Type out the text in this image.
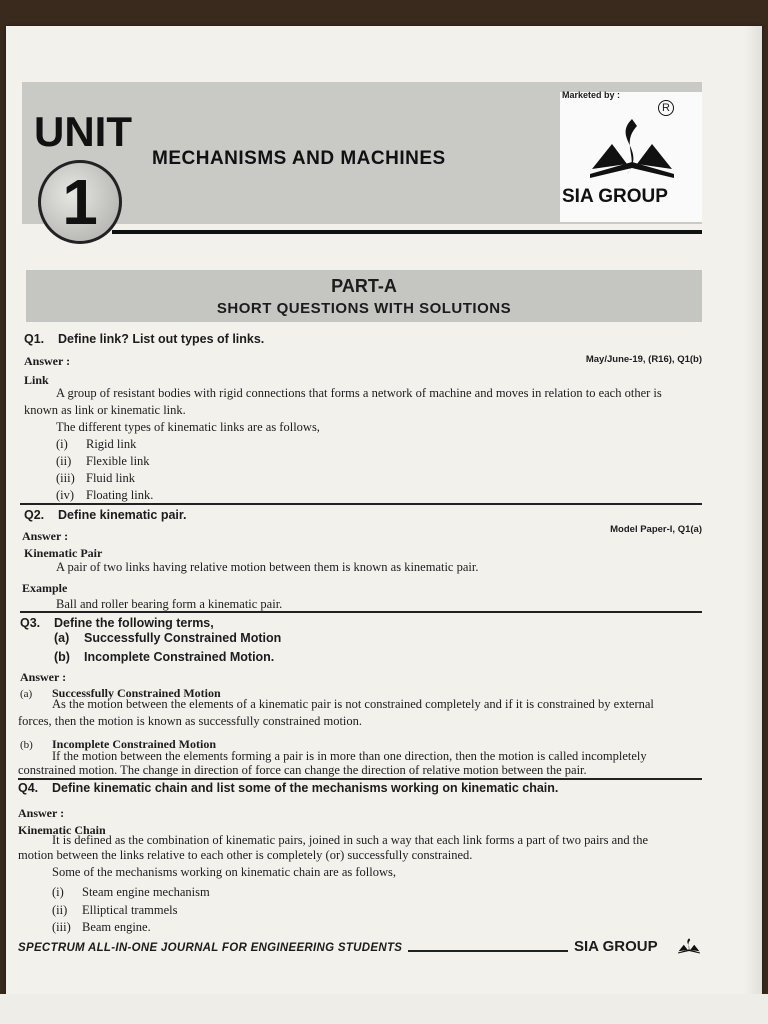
UNIT
1
MECHANISMS AND MACHINES
Marketed by :
R
SIA GROUP
PART-A
SHORT QUESTIONS WITH SOLUTIONS
Q1. Define link? List out types of links.
Answer :	May/June-19, (R16), Q1(b)
Link
A group of resistant bodies with rigid connections that forms a network of machine and moves in relation to each other is
known as link or kinematic link.
The different types of kinematic links are as follows,
(i) Rigid link
(ii) Flexible link
(iii) Fluid link
(iv) Floating link.
Q2. Define kinematic pair.
Model Paper-I, Q1(a)
Answer :
Kinematic Pair
A pair of two links having relative motion between them is known as kinematic pair.
Example
Ball and roller bearing form a kinematic pair.
Q3. Define the following terms,
(a) Successfully Constrained Motion
(b) Incomplete Constrained Motion.
Answer :
(a) Successfully Constrained Motion
As the motion between the elements of a kinematic pair is not constrained completely and if it is constrained by external
forces, then the motion is known as successfully constrained motion.
(b) Incomplete Constrained Motion
If the motion between the elements forming a pair is in more than one direction, then the motion is called incompletely
constrained motion. The change in direction of force can change the direction of relative motion between the pair.
Q4. Define kinematic chain and list some of the mechanisms working on kinematic chain.
Answer :
Kinematic Chain
It is defined as the combination of kinematic pairs, joined in such a way that each link forms a part of two pairs and the
motion between the links relative to each other is completely (or) successfully constrained.
Some of the mechanisms working on kinematic chain are as follows,
(i) Steam engine mechanism
(ii) Elliptical trammels
(iii) Beam engine.
SPECTRUM ALL-IN-ONE JOURNAL FOR ENGINEERING STUDENTS	SIA GROUP
